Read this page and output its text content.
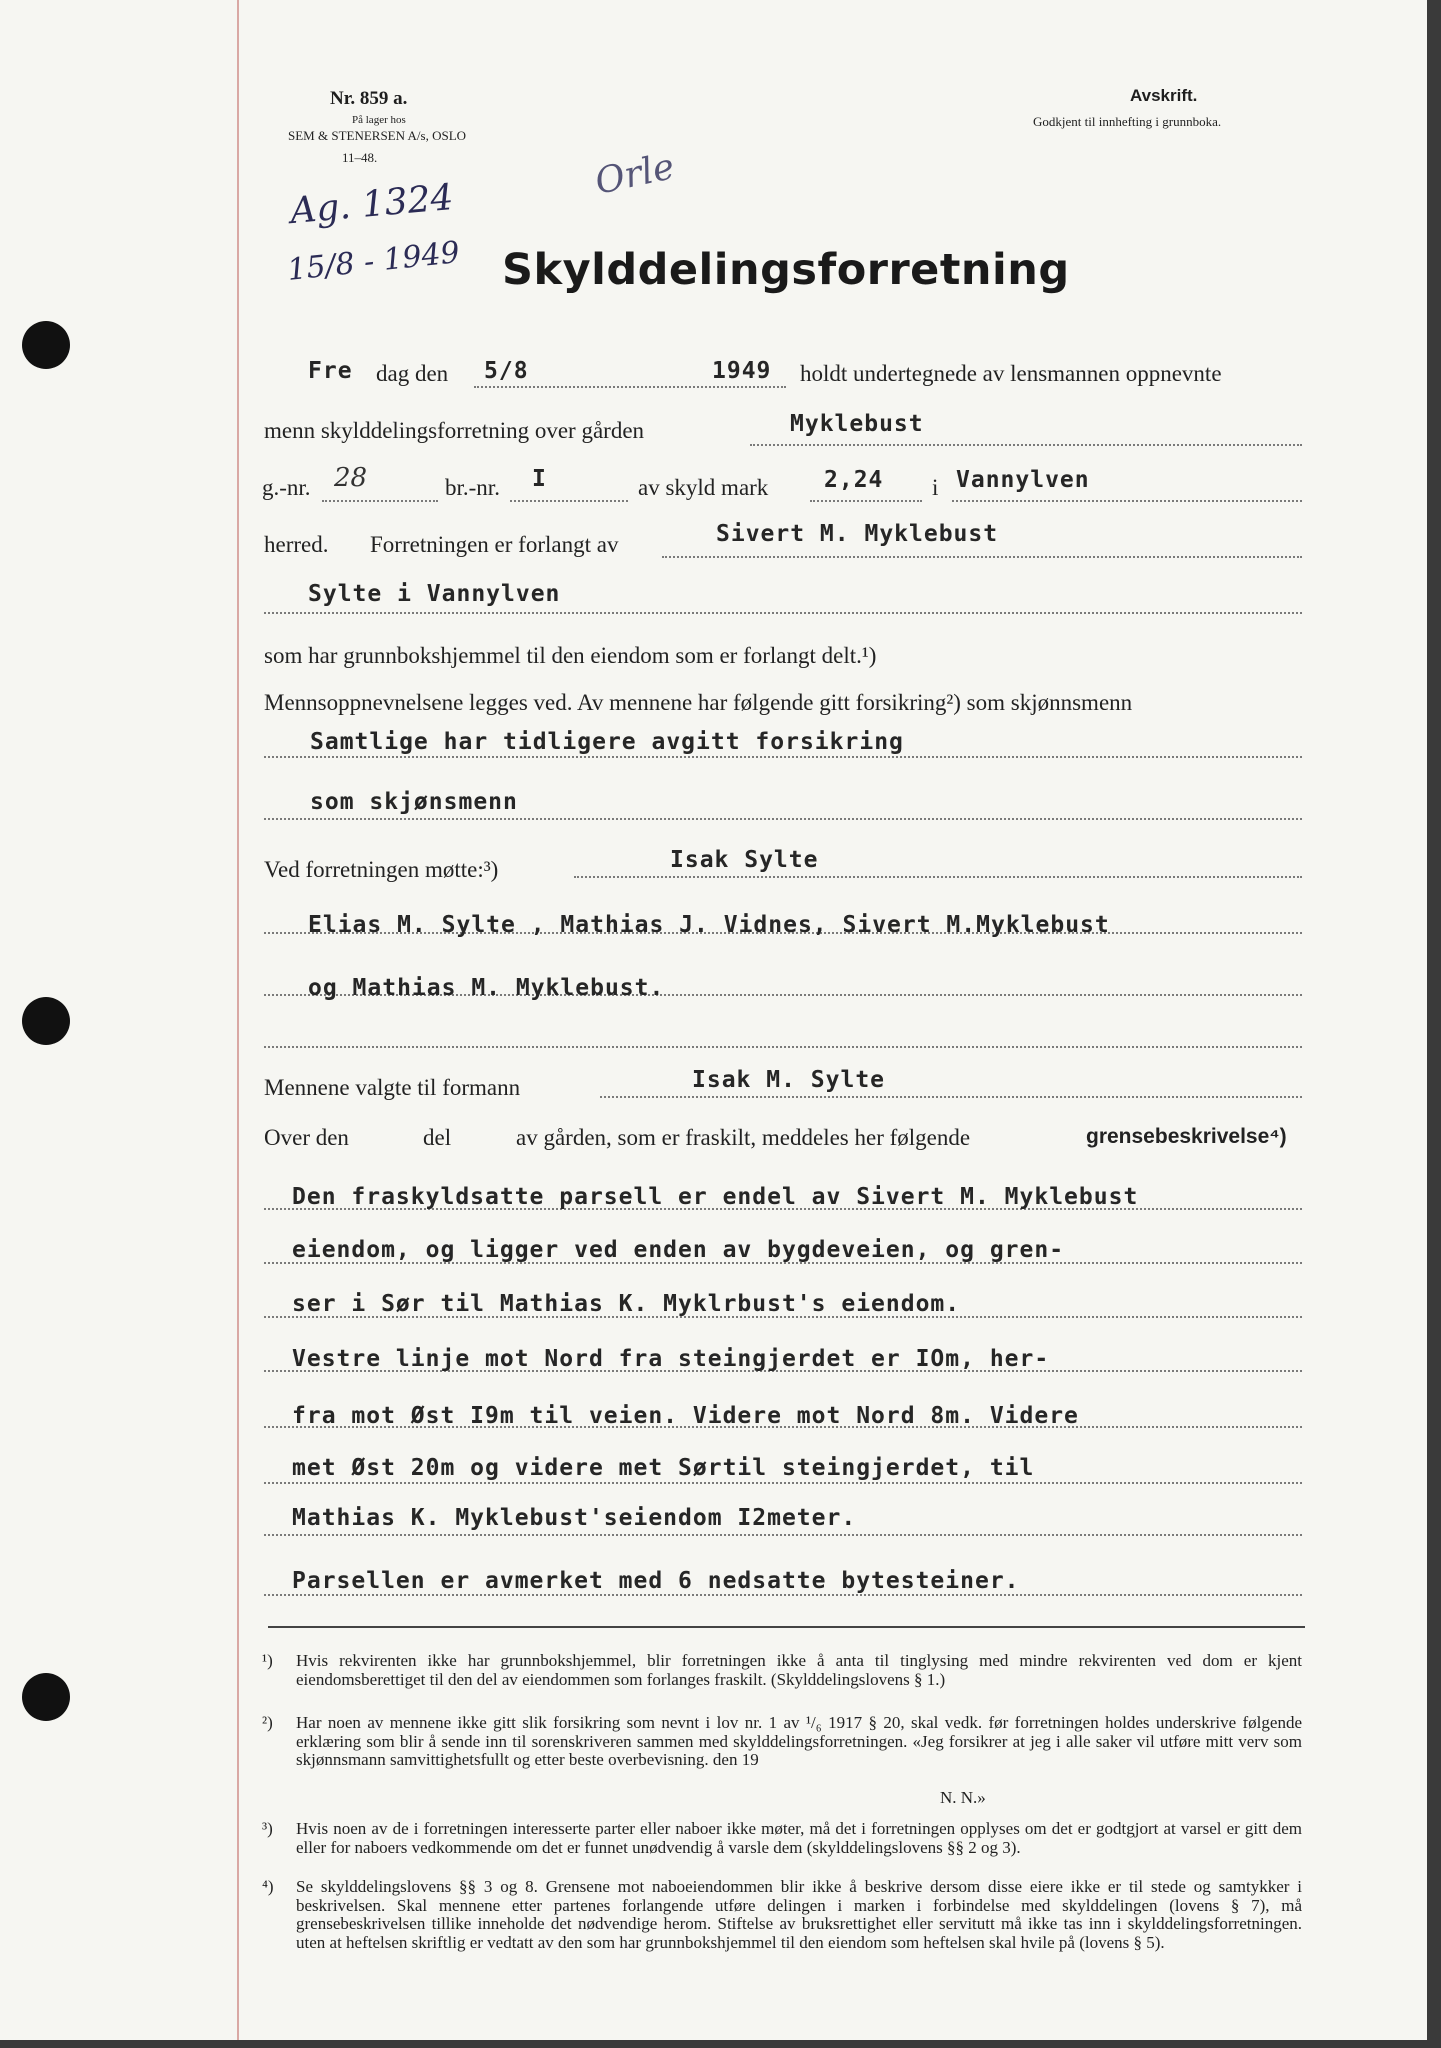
Nr. 859 a.
På lager hos
SEM & STENERSEN A/s, OSLO
11–48.
Avskrift.
Godkjent til innhefting i grunnboka.
Ag. 1324
15/8 - 1949
Orle
Skylddelingsforretning
Fre dag den 5/8	1949 holdt undertegnede av lensmannen oppnevnte
menn skylddelingsforretning over gården	Myklebust
g.-nr. 28	br.-nr. I	av skyld mark 2,24 i Vannylven
herred. Forretningen er forlangt av	Sivert M. Myklebust
Sylte i Vannylven
som har grunnbokshjemmel til den eiendom som er forlangt delt.¹)
Mennsoppnevnelsene legges ved. Av mennene har følgende gitt forsikring²) som skjønnsmenn
Samtlige har tidligere avgitt forsikring
som skjønsmenn
Ved forretningen møtte:³)	Isak Sylte
Elias M. Sylte , Mathias J. Vidnes, Sivert M.Myklebust
og Mathias M. Myklebust.
Mennene valgte til formann	Isak M. Sylte
Over den	del	av gården, som er fraskilt, meddeles her følgende	grensebeskrivelse⁴)
Den fraskyldsatte parsell er endel av Sivert M. Myklebust
eiendom, og ligger ved enden av bygdeveien, og gren-
ser i Sør til Mathias K. Myklrbust's eiendom.
Vestre linje mot Nord fra steingjerdet er IOm, her-
fra mot Øst I9m til veien. Videre mot Nord 8m. Videre
met Øst 20m og videre met Sørtil steingjerdet, til
Mathias K. Myklebust'seiendom I2meter.
Parsellen er avmerket med 6 nedsatte bytesteiner.
¹) Hvis rekvirenten ikke har grunnbokshjemmel, blir forretningen ikke å anta til tinglysing med mindre rekvirenten ved dom er kjent eiendomsberettiget til den del av eiendommen som forlanges fraskilt. (Skylddelingslovens § 1.)
²) Har noen av mennene ikke gitt slik forsikring som nevnt i lov nr. 1 av ¹/₆ 1917 § 20, skal vedk. før forretningen holdes underskrive følgende erklæring som blir å sende inn til sorenskriveren sammen med skylddelingsforretningen. «Jeg forsikrer at jeg i alle saker vil utføre mitt verv som skjønnsmann samvittighetsfullt og etter beste overbevisning. den 19
N. N.»
³) Hvis noen av de i forretningen interesserte parter eller naboer ikke møter, må det i forretningen opplyses om det er godtgjort at varsel er gitt dem eller for naboers vedkommende om det er funnet unødvendig å varsle dem (skylddelingslovens §§ 2 og 3).
⁴) Se skylddelingslovens §§ 3 og 8. Grensene mot naboeiendommen blir ikke å beskrive dersom disse eiere ikke er til stede og samtykker i beskrivelsen. Skal mennene etter partenes forlangende utføre delingen i marken i forbindelse med skylddelingen (lovens § 7), må grensebeskrivelsen tillike inneholde det nødvendige herom. Stiftelse av bruksrettighet eller servitutt må ikke tas inn i skylddelingsforretningen. uten at heftelsen skriftlig er vedtatt av den som har grunnbokshjemmel til den eiendom som heftelsen skal hvile på (lovens § 5).
